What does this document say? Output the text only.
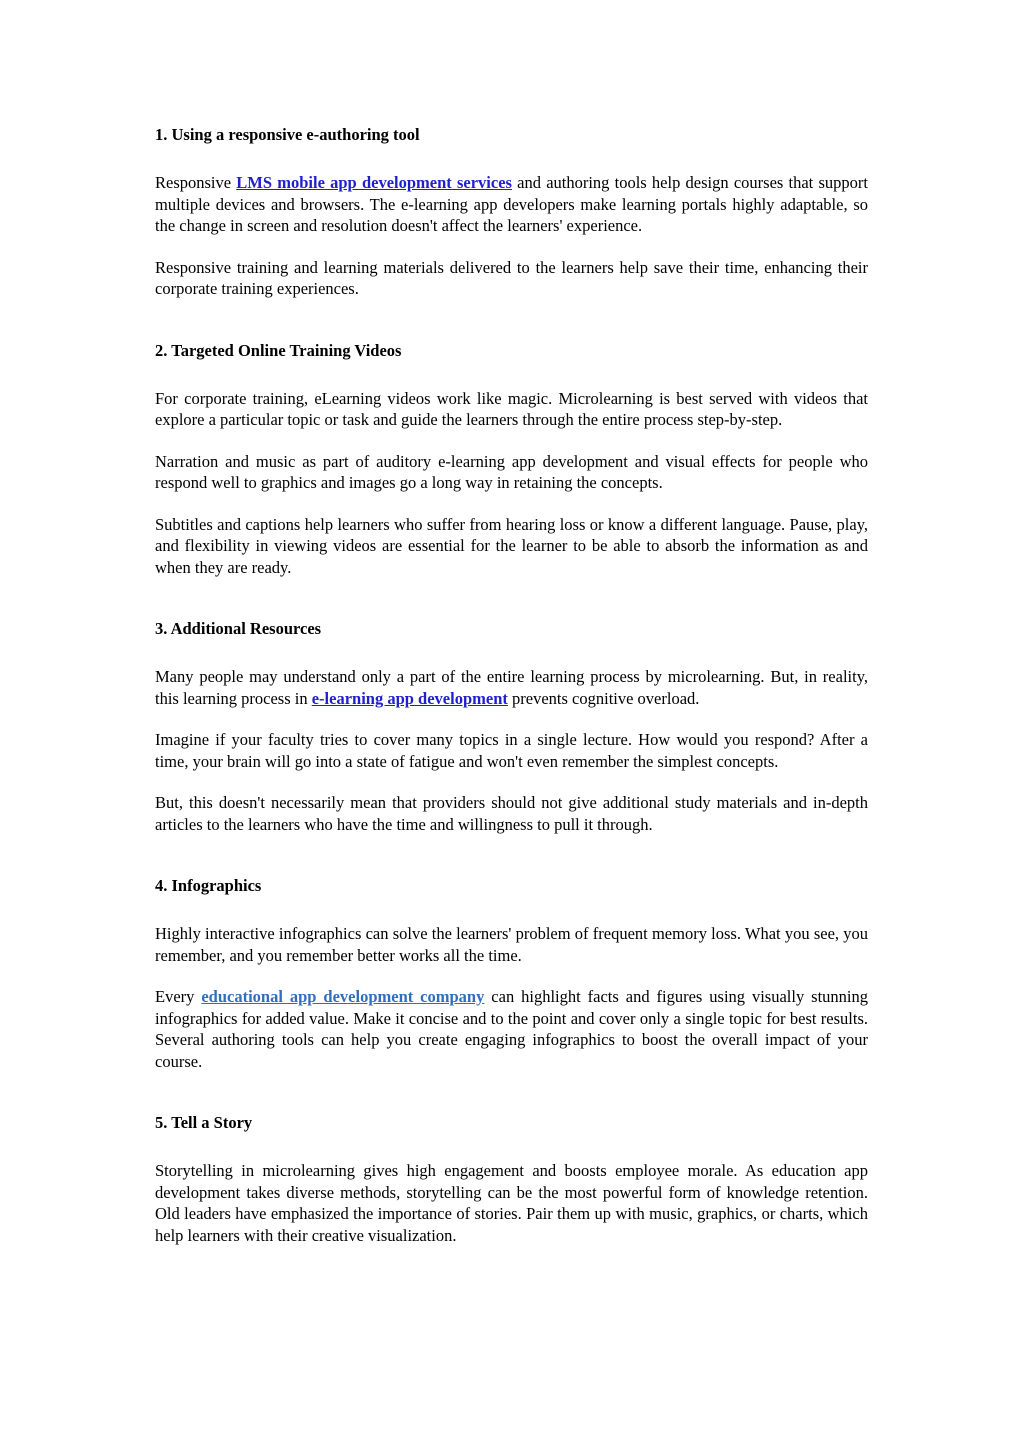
1. Using a responsive e-authoring tool

Responsive LMS mobile app development services and authoring tools help design courses that support multiple devices and browsers. The e-learning app developers make learning portals highly adaptable, so the change in screen and resolution doesn't affect the learners' experience.

Responsive training and learning materials delivered to the learners help save their time, enhancing their corporate training experiences.

2. Targeted Online Training Videos

For corporate training, eLearning videos work like magic. Microlearning is best served with videos that explore a particular topic or task and guide the learners through the entire process step-by-step.

Narration and music as part of auditory e-learning app development and visual effects for people who respond well to graphics and images go a long way in retaining the concepts.

Subtitles and captions help learners who suffer from hearing loss or know a different language. Pause, play, and flexibility in viewing videos are essential for the learner to be able to absorb the information as and when they are ready.

3. Additional Resources

Many people may understand only a part of the entire learning process by microlearning. But, in reality, this learning process in e-learning app development prevents cognitive overload.

Imagine if your faculty tries to cover many topics in a single lecture. How would you respond? After a time, your brain will go into a state of fatigue and won't even remember the simplest concepts.

But, this doesn't necessarily mean that providers should not give additional study materials and in-depth articles to the learners who have the time and willingness to pull it through.

4. Infographics

Highly interactive infographics can solve the learners' problem of frequent memory loss. What you see, you remember, and you remember better works all the time.

Every educational app development company can highlight facts and figures using visually stunning infographics for added value. Make it concise and to the point and cover only a single topic for best results. Several authoring tools can help you create engaging infographics to boost the overall impact of your course.

5. Tell a Story

Storytelling in microlearning gives high engagement and boosts employee morale. As education app development takes diverse methods, storytelling can be the most powerful form of knowledge retention. Old leaders have emphasized the importance of stories. Pair them up with music, graphics, or charts, which help learners with their creative visualization.
